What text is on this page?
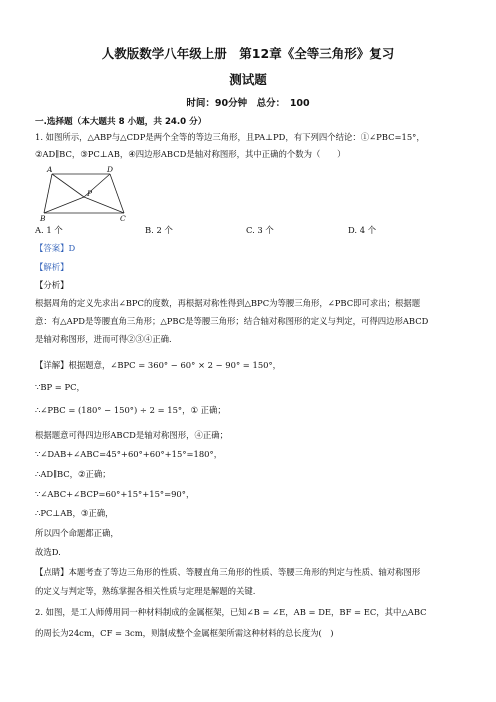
人教版数学八年级上册　第12章《全等三角形》复习
测试题
时间：90分钟　总分：　100
一.选择题（本大题共 8 小题，共 24.0 分）
1. 如图所示，△ABP与△CDP是两个全等的等边三角形，且PA⊥PD，有下列四个结论：①∠PBC=15°，
②AD∥BC，③PC⊥AB，④四边形ABCD是轴对称图形，其中正确的个数为（　　）
A	D
P
B	C
A. 1 个	B. 2 个	C. 3 个	D. 4 个
【答案】D
【解析】
【分析】
根据周角的定义先求出∠BPC的度数，再根据对称性得到△BPC为等腰三角形，∠PBC即可求出；根据题
意：有△APD是等腰直角三角形；△PBC是等腰三角形；结合轴对称图形的定义与判定，可得四边形ABCD
是轴对称图形，进而可得②③④正确.
【详解】根据题意，∠BPC = 360° − 60° × 2 − 90° = 150°，
∵BP = PC，
∴∠PBC = (180° − 150°) ÷ 2 = 15°，① 正确；
根据题意可得四边形ABCD是轴对称图形，④正确；
∵∠DAB+∠ABC=45°+60°+60°+15°=180°，
∴AD∥BC，②正确；
∵∠ABC+∠BCP=60°+15°+15°=90°，
∴PC⊥AB，③正确，
所以四个命题都正确，
故选D.
【点睛】本题考查了等边三角形的性质、等腰直角三角形的性质、等腰三角形的判定与性质、轴对称图形
的定义与判定等，熟练掌握各相关性质与定理是解题的关键.
2. 如图，是工人师傅用同一种材料制成的金属框架，已知∠B = ∠E，AB = DE，BF = EC，其中△ABC
的周长为24cm，CF = 3cm，则制成整个金属框架所需这种材料的总长度为(　)
